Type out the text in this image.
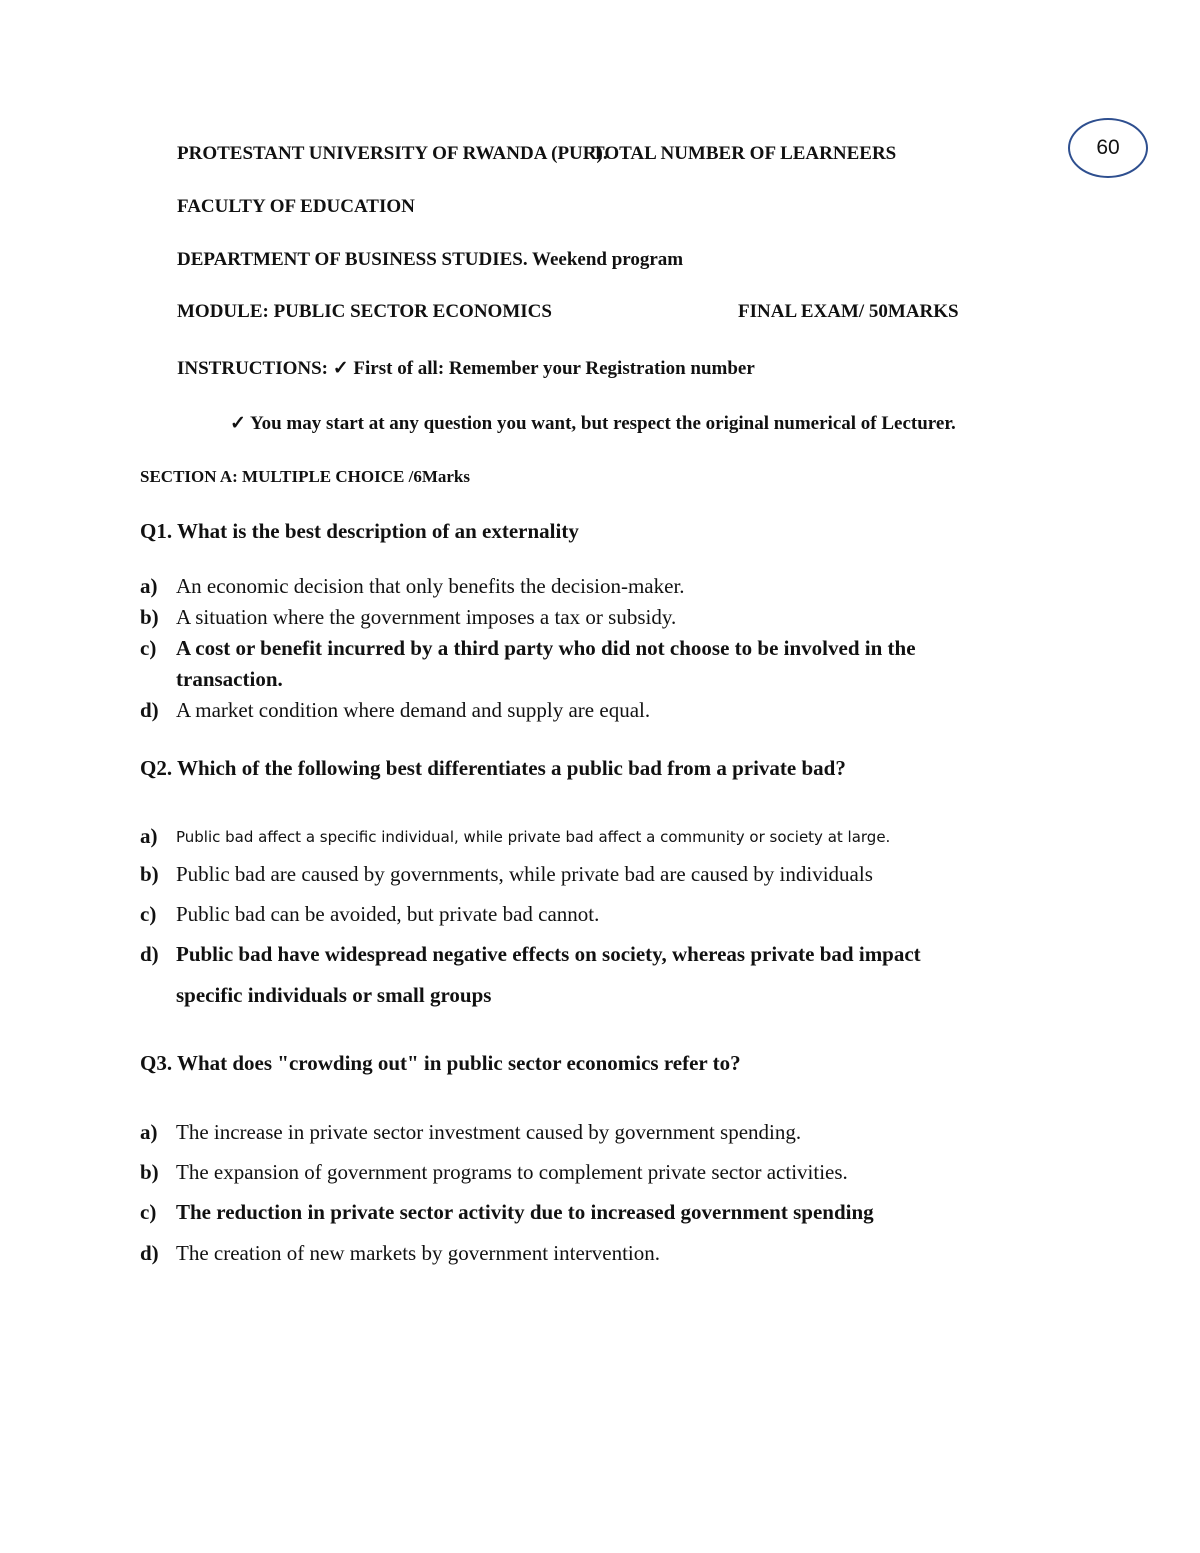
PROTESTANT UNIVERSITY OF RWANDA (PUR).
TOTAL NUMBER OF LEARNEERS	60
FACULTY OF EDUCATION
DEPARTMENT OF BUSINESS STUDIES. Weekend program
MODULE: PUBLIC SECTOR ECONOMICS	FINAL EXAM/ 50MARKS
INSTRUCTIONS: ✓ First of all: Remember your Registration number
✓ You may start at any question you want, but respect the original numerical of Lecturer.
SECTION A: MULTIPLE CHOICE /6Marks
Q1. What is the best description of an externality
a) An economic decision that only benefits the decision-maker.
b) A situation where the government imposes a tax or subsidy.
c) A cost or benefit incurred by a third party who did not choose to be involved in the
transaction.
d) A market condition where demand and supply are equal.
Q2. Which of the following best differentiates a public bad from a private bad?
a) Public bad affect a specific individual, while private bad affect a community or society at large.
b) Public bad are caused by governments, while private bad are caused by individuals
c) Public bad can be avoided, but private bad cannot.
d) Public bad have widespread negative effects on society, whereas private bad impact
specific individuals or small groups
Q3. What does "crowding out" in public sector economics refer to?
a) The increase in private sector investment caused by government spending.
b) The expansion of government programs to complement private sector activities.
c) The reduction in private sector activity due to increased government spending
d) The creation of new markets by government intervention.
